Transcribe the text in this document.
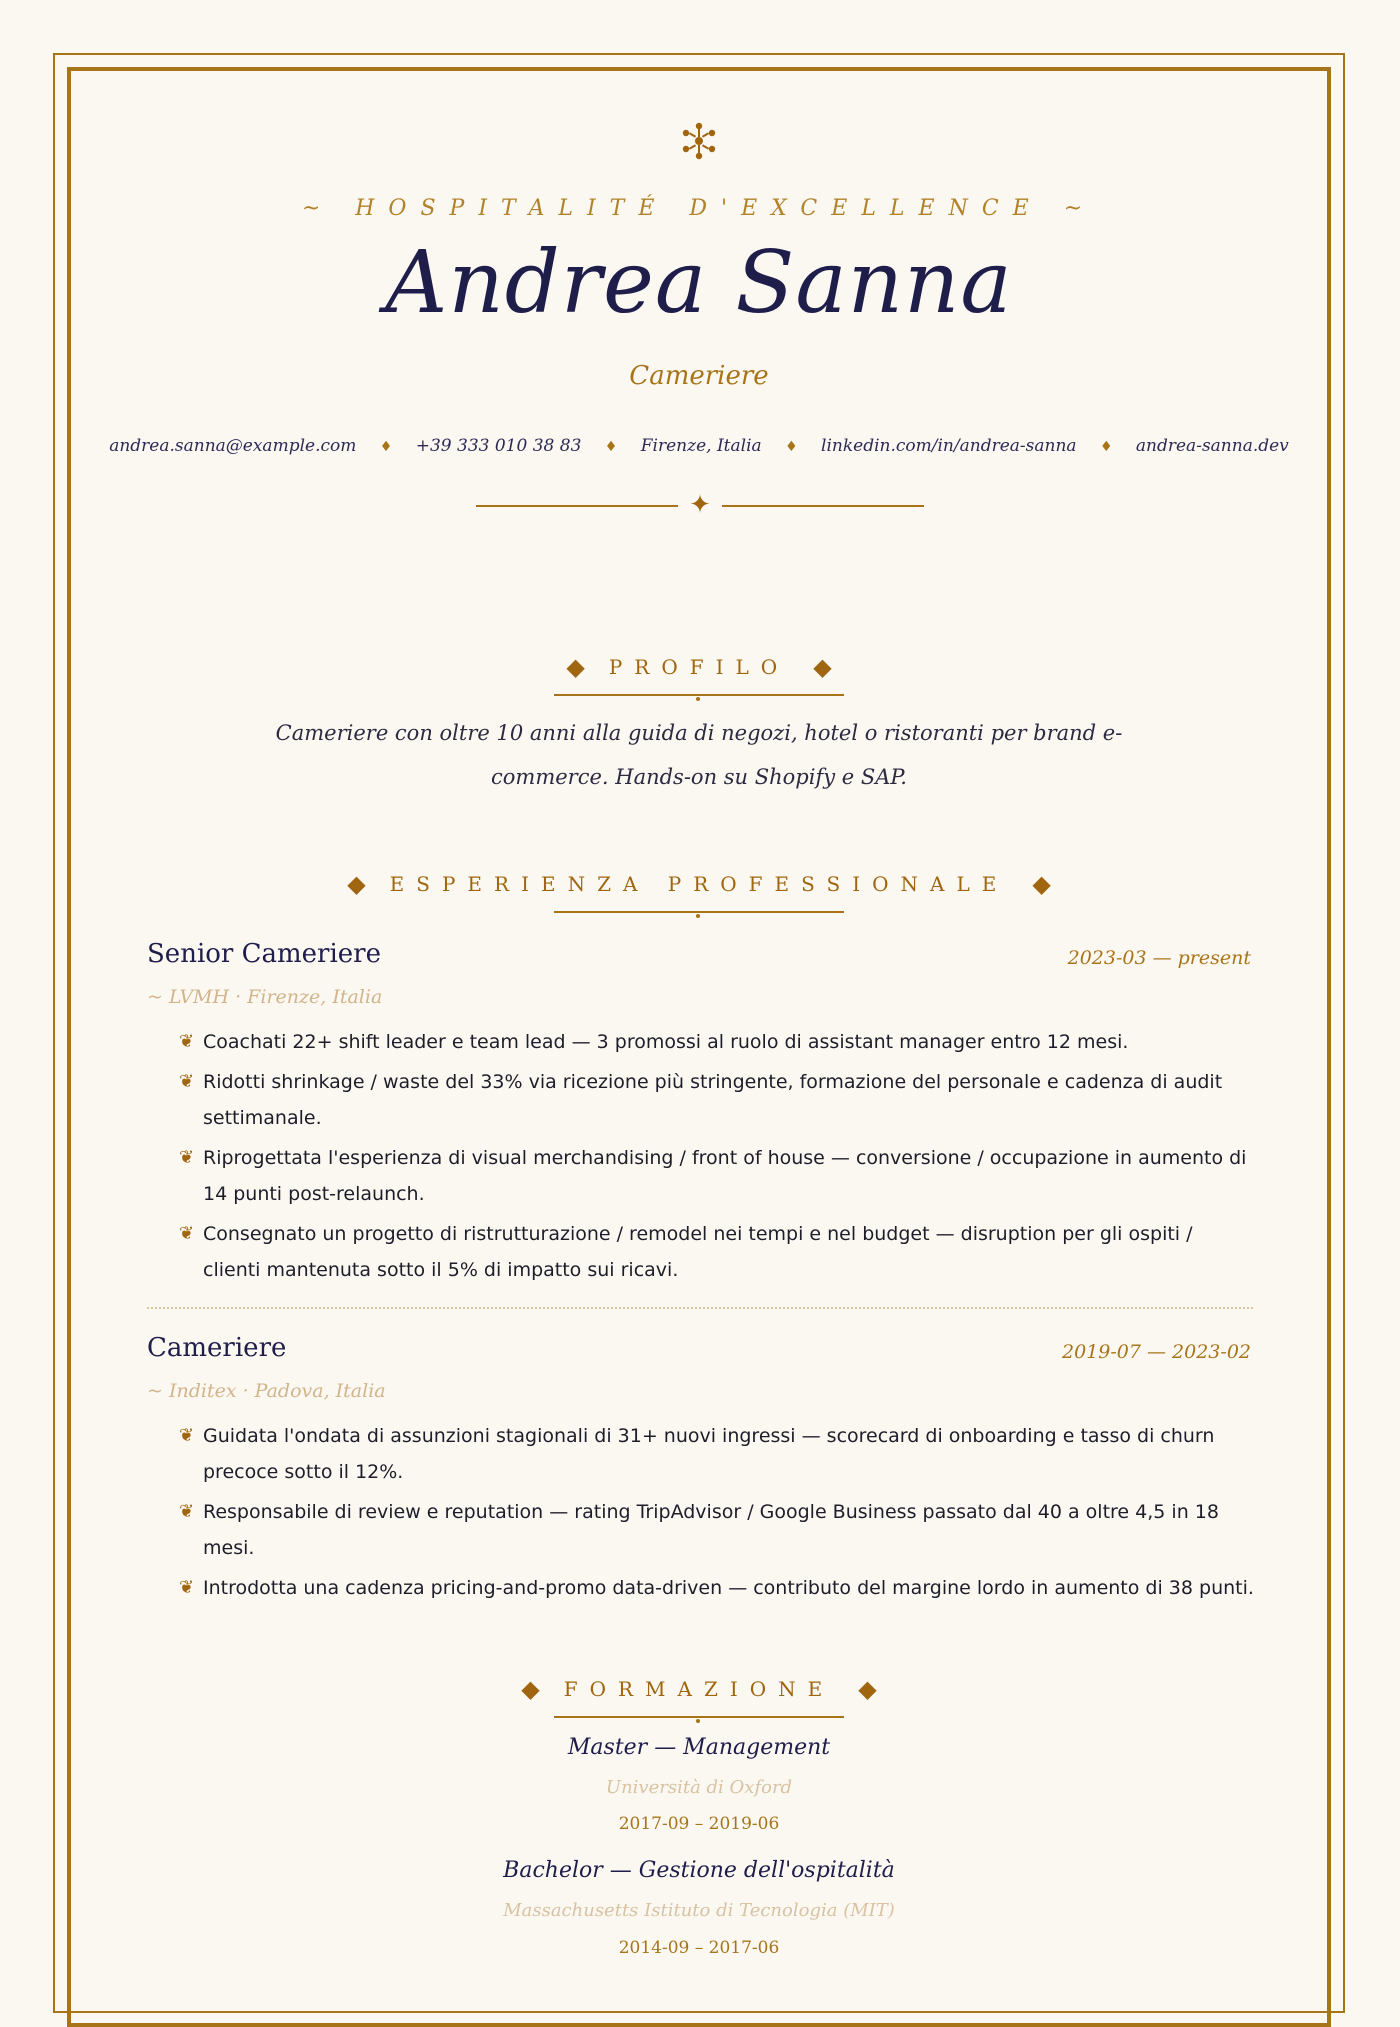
~ HOSPITALITÉ D'EXCELLENCE ~
Andrea Sanna
Cameriere
andrea.sanna@example.com ♦ +39 333 010 38 83 ♦ Firenze, Italia ♦ linkedin.com/in/andrea-sanna ♦ andrea-sanna.dev
✦
◆ PROFILO ◆
Cameriere con oltre 10 anni alla guida di negozi, hotel o ristoranti per brand e-commerce. Hands-on su Shopify e SAP.
◆ ESPERIENZA PROFESSIONALE ◆
Senior Cameriere	2023-03 — present
~ LVMH · Firenze, Italia
❦ Coachati 22+ shift leader e team lead — 3 promossi al ruolo di assistant manager entro 12 mesi.
❦ Ridotti shrinkage / waste del 33% via ricezione più stringente, formazione del personale e cadenza di audit settimanale.
❦ Riprogettata l'esperienza di visual merchandising / front of house — conversione / occupazione in aumento di 14 punti post-relaunch.
❦ Consegnato un progetto di ristrutturazione / remodel nei tempi e nel budget — disruption per gli ospiti / clienti mantenuta sotto il 5% di impatto sui ricavi.
Cameriere	2019-07 — 2023-02
~ Inditex · Padova, Italia
❦ Guidata l'ondata di assunzioni stagionali di 31+ nuovi ingressi — scorecard di onboarding e tasso di churn precoce sotto il 12%.
❦ Responsabile di review e reputation — rating TripAdvisor / Google Business passato dal 40 a oltre 4,5 in 18 mesi.
❦ Introdotta una cadenza pricing-and-promo data-driven — contributo del margine lordo in aumento di 38 punti.
◆ FORMAZIONE ◆
Master — Management
Università di Oxford
2017-09 – 2019-06
Bachelor — Gestione dell'ospitalità
Massachusetts Istituto di Tecnologia (MIT)
2014-09 – 2017-06
